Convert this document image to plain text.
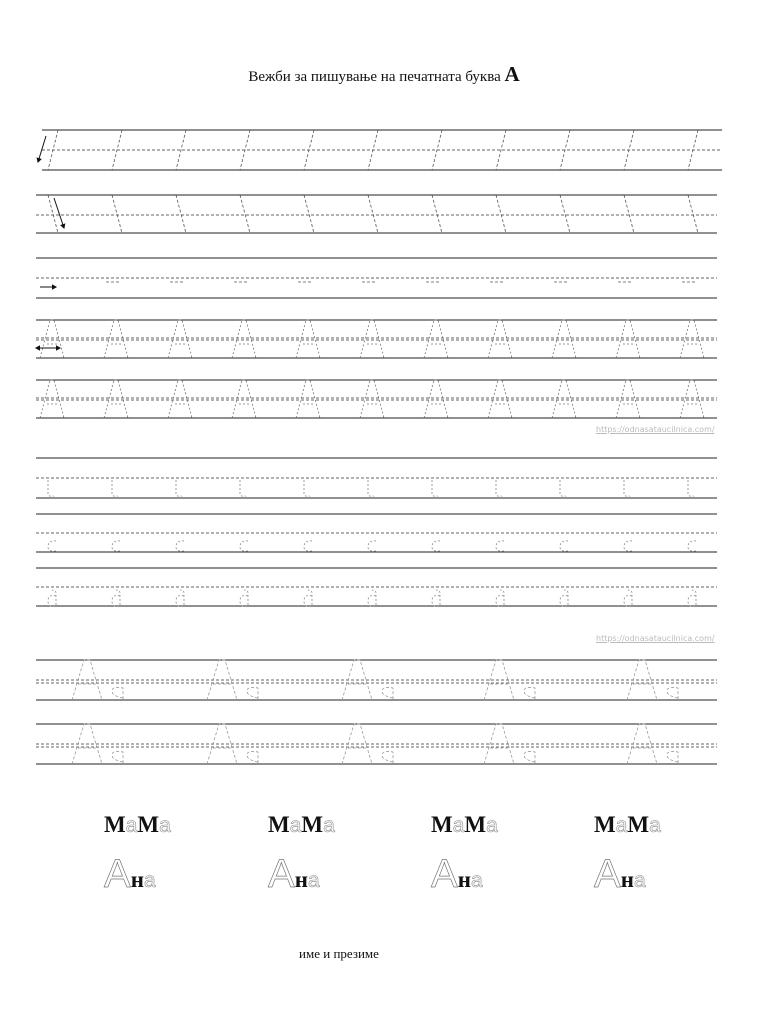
Вежби за пишување на печатната буква А
https://odnasataucilnica.com/
https://odnasataucilnica.com/
МаМа	МаМа	МаМа	МаМа
Ана	Ана	Ана	Ана
име и презиме
